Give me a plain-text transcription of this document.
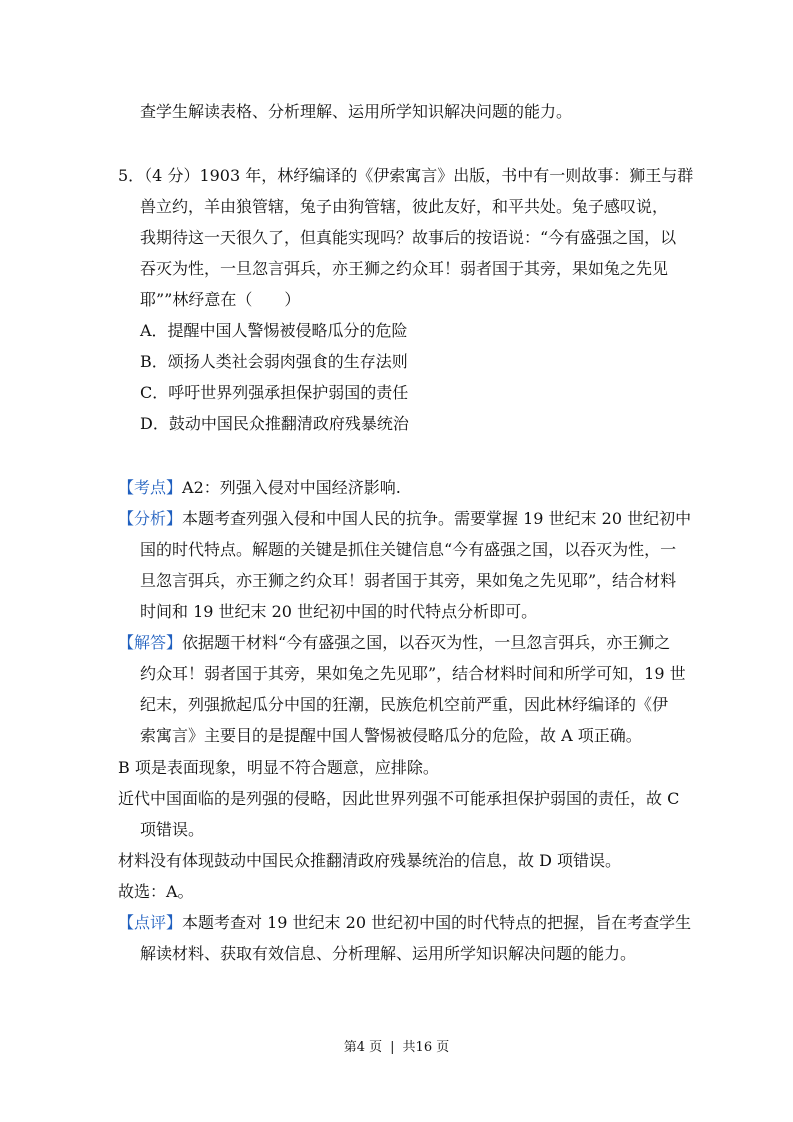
查学生解读表格、分析理解、运用所学知识解决问题的能力。
5．（4 分）1903 年，林纾编译的《伊索寓言》出版，书中有一则故事：狮王与群
兽立约，羊由狼管辖，兔子由狗管辖，彼此友好，和平共处。兔子感叹说，
我期待这一天很久了，但真能实现吗？故事后的按语说：“今有盛强之国，以
吞灭为性，一旦忽言弭兵，亦王狮之约众耳！弱者国于其旁，果如兔之先见
耶””林纾意在（　　）
A．提醒中国人警惕被侵略瓜分的危险
B．颂扬人类社会弱肉强食的生存法则
C．呼吁世界列强承担保护弱国的责任
D．鼓动中国民众推翻清政府残暴统治
【考点】A2：列强入侵对中国经济影响.
【分析】本题考查列强入侵和中国人民的抗争。需要掌握 19 世纪末 20 世纪初中
国的时代特点。解题的关键是抓住关键信息“今有盛强之国，以吞灭为性，一
旦忽言弭兵，亦王狮之约众耳！弱者国于其旁，果如兔之先见耶”，结合材料
时间和 19 世纪末 20 世纪初中国的时代特点分析即可。
【解答】依据题干材料“今有盛强之国，以吞灭为性，一旦忽言弭兵，亦王狮之
约众耳！弱者国于其旁，果如兔之先见耶”，结合材料时间和所学可知，19 世
纪末，列强掀起瓜分中国的狂潮，民族危机空前严重，因此林纾编译的《伊
索寓言》主要目的是提醒中国人警惕被侵略瓜分的危险，故 A 项正确。
B 项是表面现象，明显不符合题意，应排除。
近代中国面临的是列强的侵略，因此世界列强不可能承担保护弱国的责任，故 C
项错误。
材料没有体现鼓动中国民众推翻清政府残暴统治的信息，故 D 项错误。
故选：A。
【点评】本题考查对 19 世纪末 20 世纪初中国的时代特点的把握，旨在考查学生
解读材料、获取有效信息、分析理解、运用所学知识解决问题的能力。
第4 页 | 共16 页
